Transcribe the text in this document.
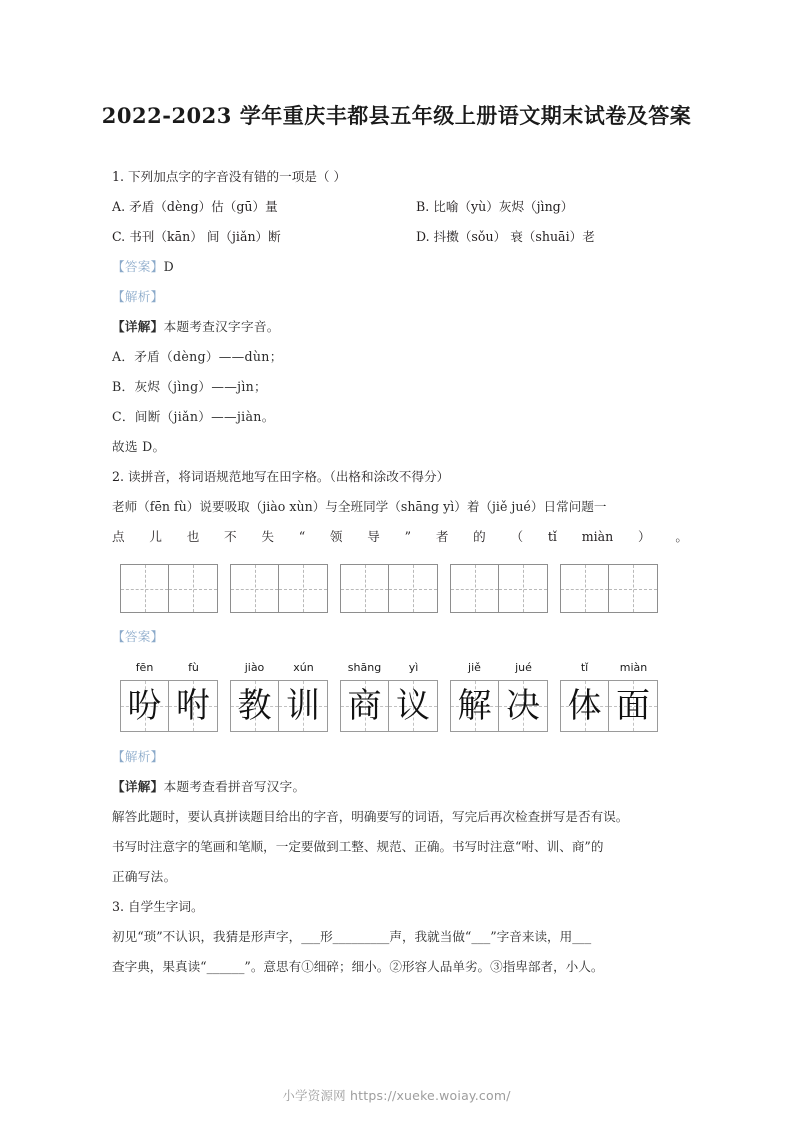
2022-2023 学年重庆丰都县五年级上册语文期末试卷及答案
1. 下列加点字的字音没有错的一项是（ ）
A. 矛盾（dèng）估（gū）量	B. 比喻（yù）灰烬（jìng）
C. 书刊（kān） 间（jiǎn）断	D. 抖擞（sǒu） 衰（shuāi）老
【答案】D
【解析】
【详解】本题考查汉字字音。
A．矛盾（dèng）——dùn；
B．灰烬（jìng）——jìn；
C．间断（jiǎn）——jiàn。
故选 D。
2. 读拼音，将词语规范地写在田字格。（出格和涂改不得分）
老师（fēn fù）说要吸取（jiào xùn）与全班同学（shāng yì）着（jiě jué）日常问题一
点 儿 也 不 失 “ 领 导 ” 者 的 （ tǐ miàn ） 。
【答案】
fēn	fù
吩 咐
jiào	xún
教 训
shāng	yì
商 议
jiě	jué
解 决
tǐ	miàn
体 面
【解析】
【详解】本题考查看拼音写汉字。
解答此题时，要认真拼读题目给出的字音，明确要写的词语，写完后再次检查拼写是否有误。
书写时注意字的笔画和笔顺，一定要做到工整、规范、正确。书写时注意“咐、训、商”的
正确写法。
3. 自学生字词。
初见“琐”不认识，我猜是形声字，___形_________声，我就当做“___”字音来读，用___
查字典，果真读“______”。意思有①细碎；细小。②形容人品单劣。③指卑部者，小人。
小学资源网 https://xueke.woiay.com/
